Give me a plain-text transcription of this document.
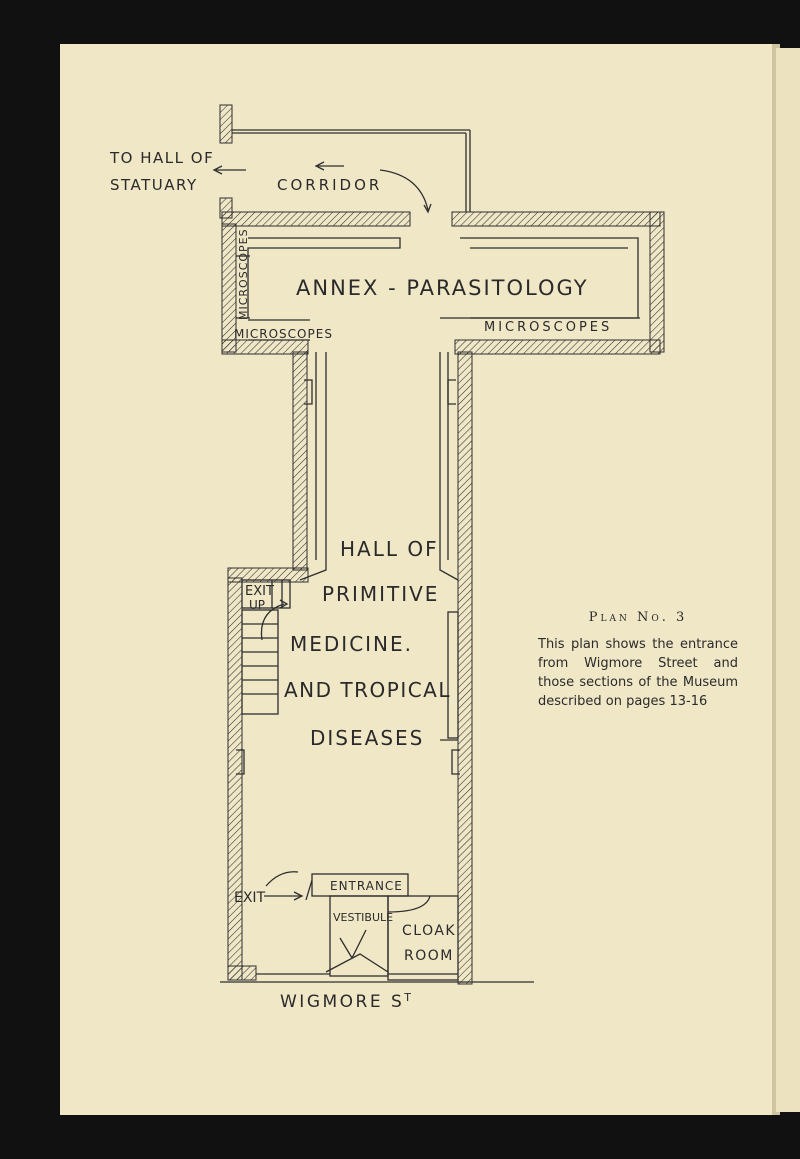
TO HALL OF
STATUARY	CORRIDOR
ANNEX - PARASITOLOGY
MICROSCOPES
MICROSCOPES	MICROSCOPES
HALL OF
PRIMITIVE
MEDICINE.
AND TROPICAL
DISEASES
EXIT
UP
EXIT
ENTRANCE
VESTIBULE
CLOAK
ROOM
WIGMORE $S^T$
Plan No. 3

This plan shows the entrance from Wigmore Street and those sections of the Museum described on pages 13-16
